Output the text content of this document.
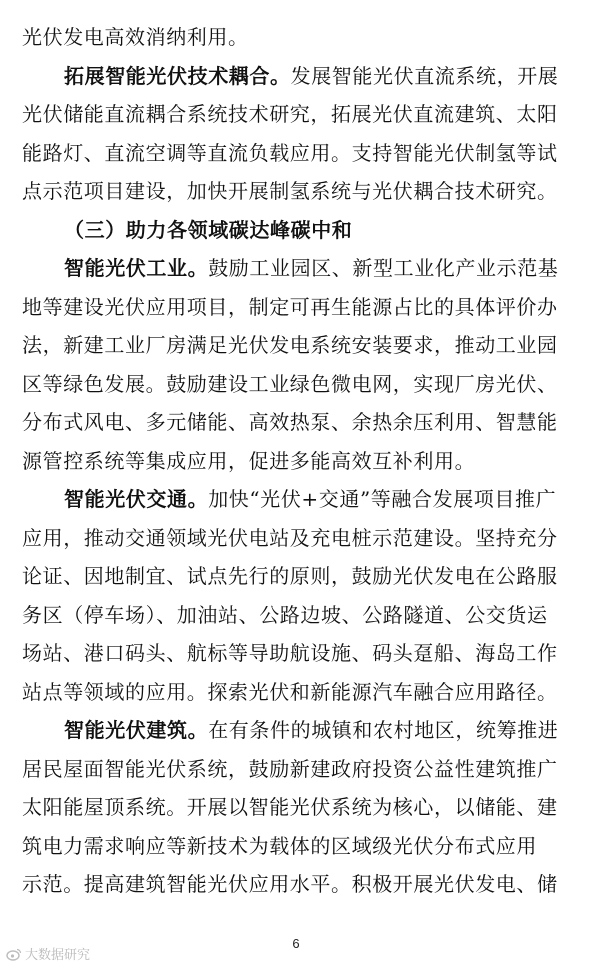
光伏发电高效消纳利用。
拓展智能光伏技术耦合。发展智能光伏直流系统，开展
光伏储能直流耦合系统技术研究，拓展光伏直流建筑、太阳
能路灯、直流空调等直流负载应用。支持智能光伏制氢等试
点示范项目建设，加快开展制氢系统与光伏耦合技术研究。
（三）助力各领域碳达峰碳中和
智能光伏工业。鼓励工业园区、新型工业化产业示范基
地等建设光伏应用项目，制定可再生能源占比的具体评价办
法，新建工业厂房满足光伏发电系统安装要求，推动工业园
区等绿色发展。鼓励建设工业绿色微电网，实现厂房光伏、
分布式风电、多元储能、高效热泵、余热余压利用、智慧能
源管控系统等集成应用，促进多能高效互补利用。
智能光伏交通。加快“光伏+交通”等融合发展项目推广
应用，推动交通领域光伏电站及充电桩示范建设。坚持充分
论证、因地制宜、试点先行的原则，鼓励光伏发电在公路服
务区（停车场）、加油站、公路边坡、公路隧道、公交货运
场站、港口码头、航标等导助航设施、码头趸船、海岛工作
站点等领域的应用。探索光伏和新能源汽车融合应用路径。
智能光伏建筑。在有条件的城镇和农村地区，统筹推进
居民屋面智能光伏系统，鼓励新建政府投资公益性建筑推广
太阳能屋顶系统。开展以智能光伏系统为核心，以储能、建
筑电力需求响应等新技术为载体的区域级光伏分布式应用
示范。提高建筑智能光伏应用水平。积极开展光伏发电、储
6
大数据研究
